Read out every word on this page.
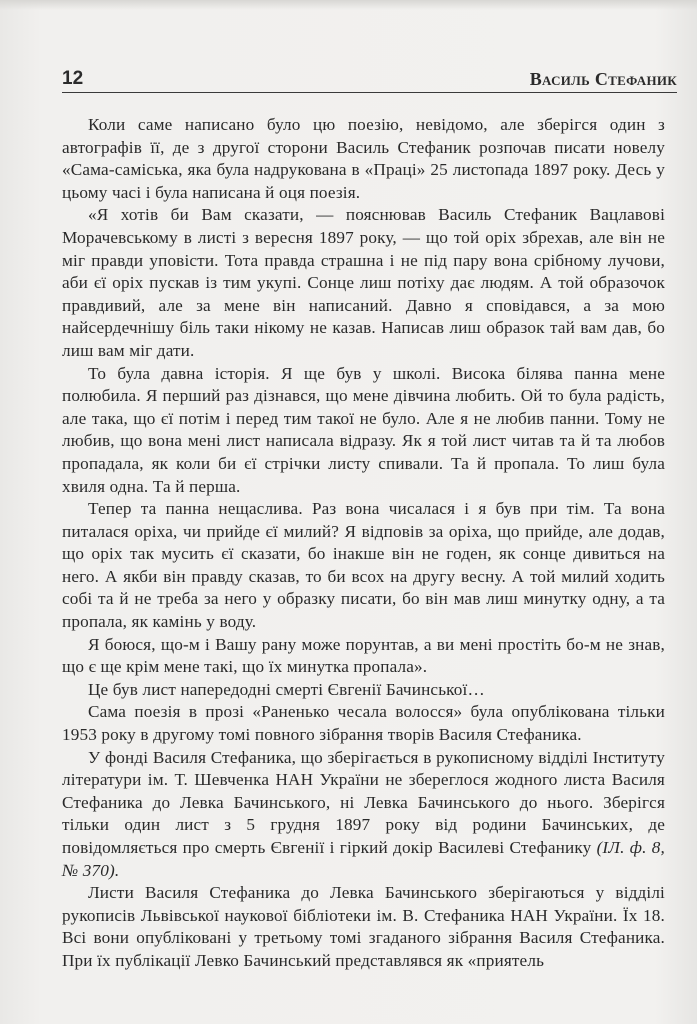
12	Василь Стефаник

Коли саме написано було цю поезію, невідомо, але зберігся один з автографів її, де з другої сторони Василь Стефаник розпочав писати новелу «Сама-саміська, яка була надрукована в «Праці» 25 листопада 1897 року. Десь у цьому часі і була написана й оця поезія.

«Я хотів би Вам сказати, — пояснював Василь Стефаник Вацлавові Морачевському в листі з вересня 1897 року, — що той оріх збрехав, але він не міг правди уповісти. Тота правда страшна і не під пару вона срібному лучови, аби єї оріх пускав із тим укупі. Сонце лиш потіху дає людям. А той образочок правдивий, але за мене він написаний. Давно я сповідався, а за мою найсердечнішу біль таки нікому не казав. Написав лиш образок тай вам дав, бо лиш вам міг дати.

То була давна історія. Я ще був у школі. Висока білява панна мене полюбила. Я перший раз дізнався, що мене дівчина любить. Ой то була радість, але така, що єї потім і перед тим такої не було. Але я не любив панни. Тому не любив, що вона мені лист написала відразу. Як я той лист читав та й та любов пропадала, як коли би єї стрічки листу спивали. Та й пропала. То лиш була хвиля одна. Та й перша.

Тепер та панна нещаслива. Раз вона чисалася і я був при тім. Та вона питалася оріха, чи прийде єї милий? Я відповів за оріха, що прийде, але додав, що оріх так мусить єї сказати, бо інакше він не годен, як сонце дивиться на него. А якби він правду сказав, то би всох на другу весну. А той милий ходить собі та й не треба за него у образку писати, бо він мав лиш минутку одну, а та пропала, як камінь у воду.

Я боюся, що-м і Вашу рану може порунтав, а ви мені простіть бо-м не знав, що є ще крім мене такі, що їх минутка пропала».

Це був лист напередодні смерті Євгенії Бачинської…

Сама поезія в прозі «Раненько чесала волосся» була опублікована тільки 1953 року в другому томі повного зібрання творів Василя Стефаника.

У фонді Василя Стефаника, що зберігається в рукописному відділі Інституту літератури ім. Т. Шевченка НАН України не збереглося жодного листа Василя Стефаника до Левка Бачинського, ні Левка Бачинського до нього. Зберігся тільки один лист з 5 грудня 1897 року від родини Бачинських, де повідомляється про смерть Євгенії і гіркий докір Василеві Стефанику (ІЛ. ф. 8, № 370).

Листи Василя Стефаника до Левка Бачинського зберігаються у відділі рукописів Львівської наукової бібліотеки ім. В. Стефаника НАН України. Їх 18. Всі вони опубліковані у третьому томі згаданого зібрання Василя Стефаника. При їх публікації Левко Бачинський представлявся як «приятель
